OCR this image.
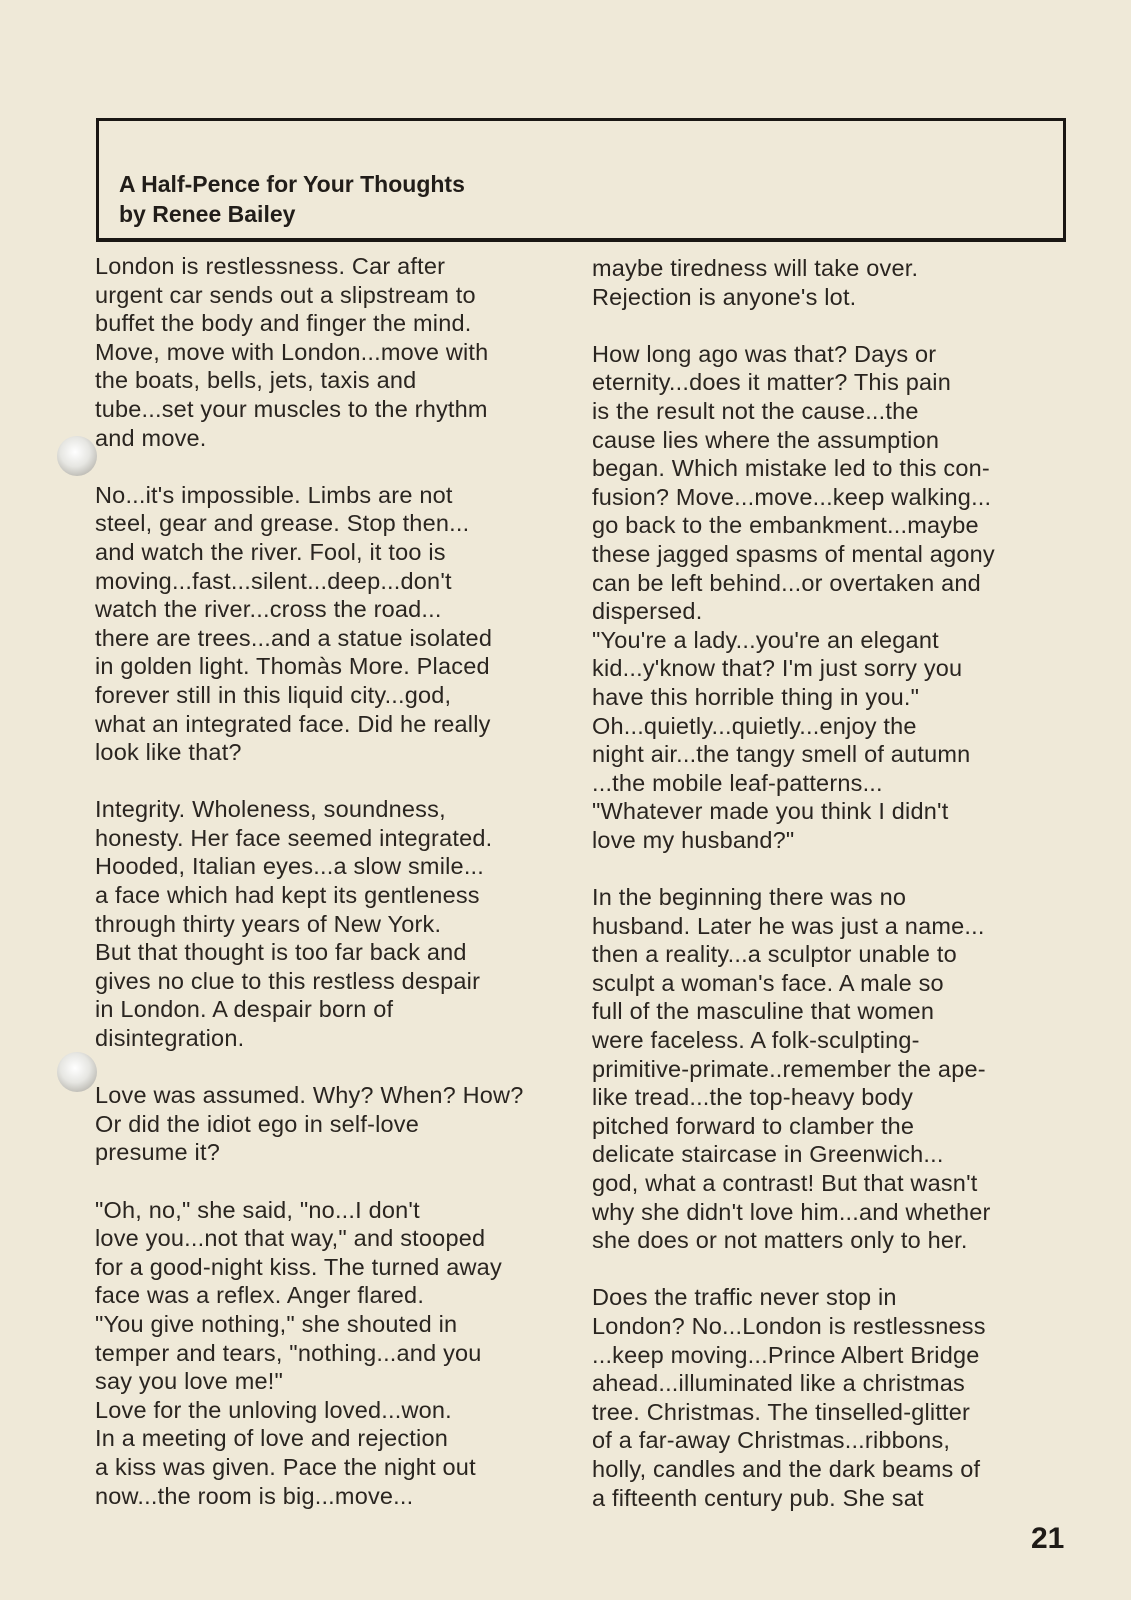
A Half-Pence for Your Thoughts
by Renee Bailey
London is restlessness. Car after
urgent car sends out a slipstream to
buffet the body and finger the mind.
Move, move with London...move with
the boats, bells, jets, taxis and
tube...set your muscles to the rhythm
and move.
No...it's impossible. Limbs are not
steel, gear and grease. Stop then...
and watch the river. Fool, it too is
moving...fast...silent...deep...don't
watch the river...cross the road...
there are trees...and a statue isolated
in golden light. Thomàs More. Placed
forever still in this liquid city...god,
what an integrated face. Did he really
look like that?
Integrity. Wholeness, soundness,
honesty. Her face seemed integrated.
Hooded, Italian eyes...a slow smile...
a face which had kept its gentleness
through thirty years of New York.
But that thought is too far back and
gives no clue to this restless despair
in London. A despair born of
disintegration.
Love was assumed. Why? When? How?
Or did the idiot ego in self-love
presume it?
"Oh, no," she said, "no...I don't
love you...not that way," and stooped
for a good-night kiss. The turned away
face was a reflex. Anger flared.
"You give nothing," she shouted in
temper and tears, "nothing...and you
say you love me!"
Love for the unloving loved...won.
In a meeting of love and rejection
a kiss was given. Pace the night out
now...the room is big...move...
maybe tiredness will take over.
Rejection is anyone's lot.
How long ago was that? Days or
eternity...does it matter? This pain
is the result not the cause...the
cause lies where the assumption
began. Which mistake led to this con-
fusion? Move...move...keep walking...
go back to the embankment...maybe
these jagged spasms of mental agony
can be left behind...or overtaken and
dispersed.
"You're a lady...you're an elegant
kid...y'know that? I'm just sorry you
have this horrible thing in you."
Oh...quietly...quietly...enjoy the
night air...the tangy smell of autumn
...the mobile leaf-patterns...
"Whatever made you think I didn't
love my husband?"
In the beginning there was no
husband. Later he was just a name...
then a reality...a sculptor unable to
sculpt a woman's face. A male so
full of the masculine that women
were faceless. A folk-sculpting-
primitive-primate..remember the ape-
like tread...the top-heavy body
pitched forward to clamber the
delicate staircase in Greenwich...
god, what a contrast! But that wasn't
why she didn't love him...and whether
she does or not matters only to her.
Does the traffic never stop in
London? No...London is restlessness
...keep moving...Prince Albert Bridge
ahead...illuminated like a christmas
tree. Christmas. The tinselled-glitter
of a far-away Christmas...ribbons,
holly, candles and the dark beams of
a fifteenth century pub. She sat
21
